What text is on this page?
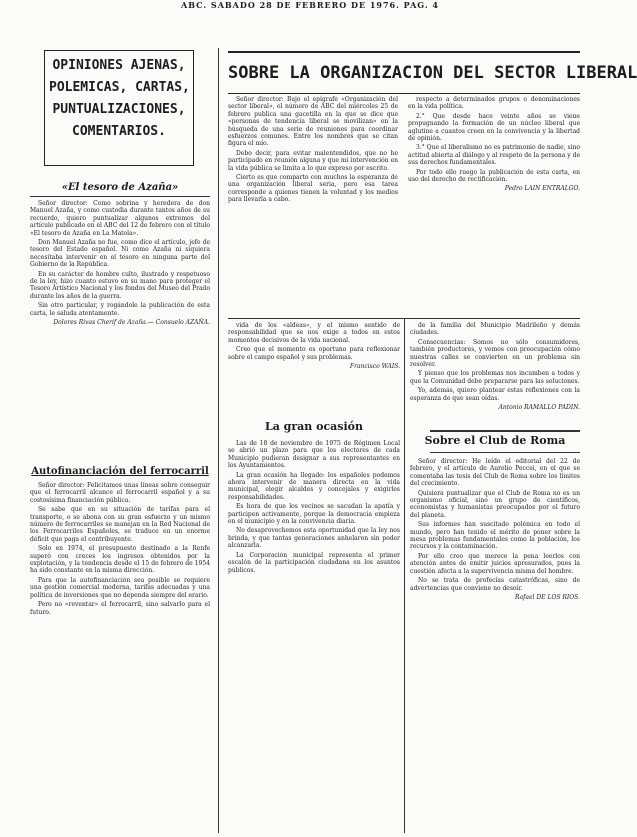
ABC. SABADO 28 DE FEBRERO DE 1976. PAG. 4
OPINIONES AJENAS,
POLEMICAS, CARTAS,
PUNTUALIZACIONES,
COMENTARIOS.
SOBRE LA ORGANIZACION DEL SECTOR LIBERAL
«El tesoro de Azaña»

Señor director: Como sobrina y heredera de don Manuel Azaña, y como custodia durante tantos años de su recuerdo, quiero puntualizar algunos extremos del artículo publicado en el ABC del 12 de febrero con el título «El tesoro de Azaña en La Matola».

Don Manuel Azaña no fue, como dice el artículo, jefe de tesoro del Estado español. Ni como Azaña ni siquiera necesitaba intervenir en el tesoro en ninguna parte del Gobierno de la República.

En su carácter de hombre culto, ilustrado y respetuoso de la ley, hizo cuanto estuvo en su mano para proteger el Tesoro Artístico Nacional y los fondos del Museo del Prado durante los años de la guerra.

Sin otro particular, y rogándole la publicación de esta carta, le saluda atentamente.

Dolores Rivas Cherif de Azaña.— Consuelo AZAÑA.
Autofinanciación del ferrocarril

Señor director: Felicitamos unas líneas sobre conseguir que el ferrocarril alcance el ferrocarril español y a su costosísima financiación pública.

Se sabe que en su situación de tarifas para el transporte, o se abona con su gran esfuerzo y un mismo número de ferrocarriles se manejan en la Red Nacional de los Ferrocarriles Españoles, se traduce en un enorme déficit que paga el contribuyente.

Solo en 1974, el presupuesto destinado a la Renfe superó con creces los ingresos obtenidos por la explotación, y la tendencia desde el 15 de febrero de 1954 ha sido constante en la misma dirección.

Para que la autofinanciación sea posible se requiere una gestión comercial moderna, tarifas adecuadas y una política de inversiones que no dependa siempre del erario.

Pero no «reventar» el ferrocarril, sino salvarlo para el futuro.

Señor director: Bajo el epígrafe «Organización del sector liberal», el número de ABC del miércoles 25 de febrero publica una gacetilla en la que se dice que «personas de tendencia liberal se movilizan» en la búsqueda de una serie de reuniones para coordinar esfuerzos comunes. Entre los nombres que se citan figura el mío.

Debo decir, para evitar malentendidos, que no he participado en reunión alguna y que mi intervención en la vida pública se limita a lo que expreso por escrito.

Cierto es que comparto con muchos la esperanza de una organización liberal seria, pero esa tarea corresponde a quienes tienen la voluntad y los medios para llevarla a cabo.

respecto a determinados grupos o denominaciones en la vida política.

2.° Que desde hace veinte años se viene propugnando la formación de un núcleo liberal que aglutine a cuantos creen en la convivencia y la libertad de opinión.

3.° Que el liberalismo no es patrimonio de nadie, sino actitud abierta al diálogo y al respeto de la persona y de sus derechos fundamentales.

Por todo ello ruego la publicación de esta carta, en uso del derecho de rectificación.

Pedro LAIN ENTRALGO.

vida de los «aldeas», y el mismo sentido de responsabilidad que se nos exige a todos en estos momentos decisivos de la vida nacional.

Creo que el momento es oportuno para reflexionar sobre el campo español y sus problemas.

Francisco WAIS.
La gran ocasión

Las de 18 de noviembre de 1975 de Régimen Local se abrió un plazo para que los electores de cada Municipio pudieran designar a sus representantes en los Ayuntamientos.

La gran ocasión ha llegado: los españoles podemos ahora intervenir de manera directa en la vida municipal, elegir alcaldes y concejales y exigirles responsabilidades.

Es hora de que los vecinos se sacudan la apatía y participen activamente, porque la democracia empieza en el municipio y en la convivencia diaria.

No desaprovechemos esta oportunidad que la ley nos brinda, y que tantas generaciones anhelaron sin poder alcanzarla.

La Corporación municipal representa el primer escalón de la participación ciudadana en los asuntos públicos.

de la familia del Municipio Madrileño y demás ciudades.

Consecuencias: Somos no sólo consumidores, también productores, y vemos con preocupación cómo nuestras calles se convierten en un problema sin resolver.

Y pienso que los problemas nos incumben a todos y que la Comunidad debe prepararse para las soluciones.

Yo, además, quiero plantear estas reflexiones con la esperanza de que sean oídas.

Antonio RAMALLO PADIN.
Sobre el Club de Roma

Señor director: He leído el editorial del 22 de febrero, y el artículo de Aurelio Peccei, en el que se comentaba las tesis del Club de Roma sobre los límites del crecimiento.

Quisiera puntualizar que el Club de Roma no es un organismo oficial, sino un grupo de científicos, economistas y humanistas preocupados por el futuro del planeta.

Sus informes han suscitado polémica en todo el mundo, pero han tenido el mérito de poner sobre la mesa problemas fundamentales como la población, los recursos y la contaminación.

Por ello creo que merece la pena leerlos con atención antes de emitir juicios apresurados, pues la cuestión afecta a la supervivencia misma del hombre.

No se trata de profecías catastróficas, sino de advertencias que conviene no desoír.

Rafael DE LOS RIOS.
